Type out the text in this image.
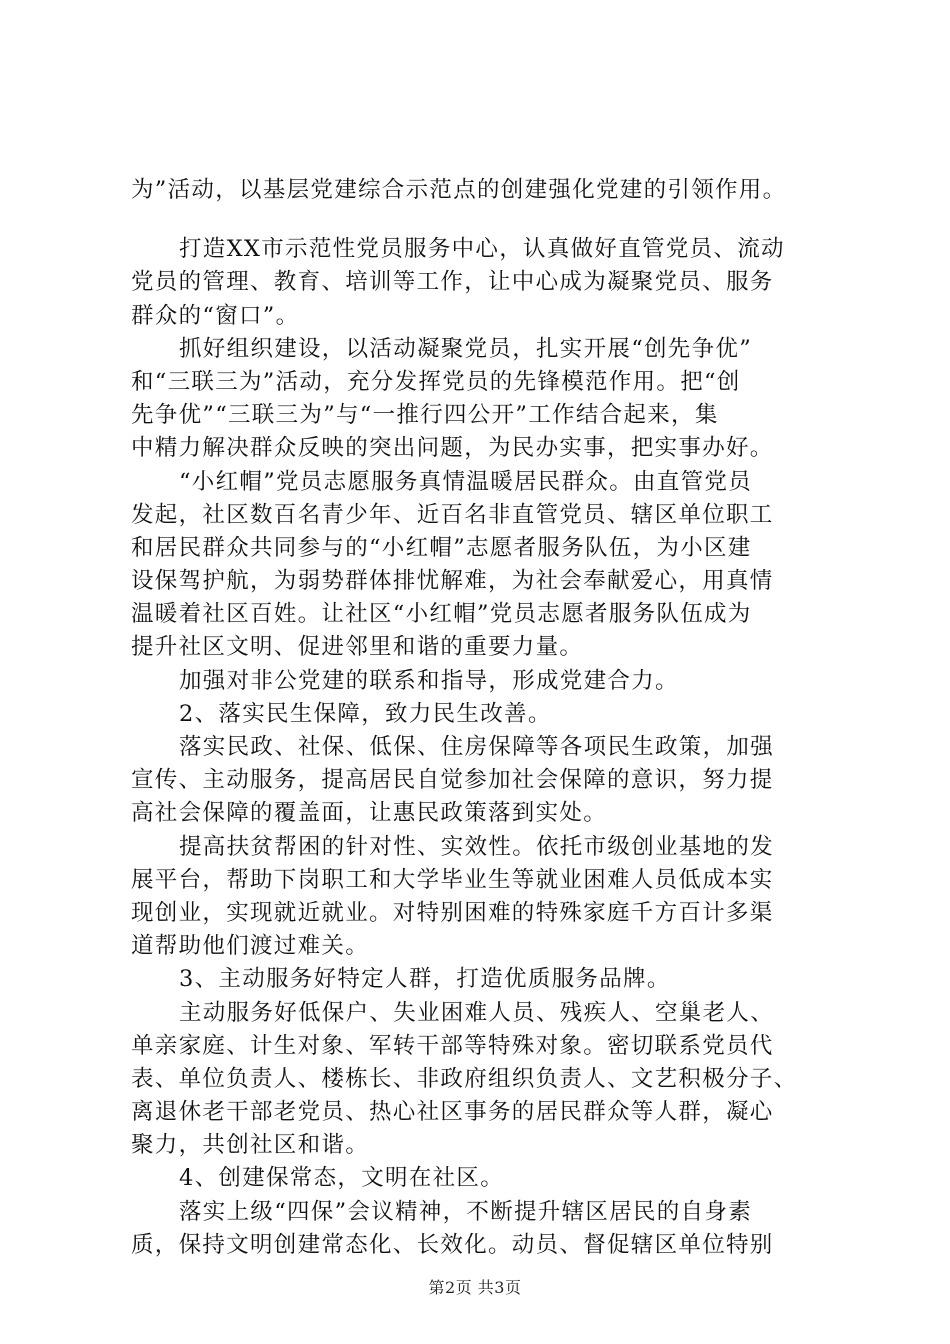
为”活动，以基层党建综合示范点的创建强化党建的引领作用。
打造XX市示范性党员服务中心，认真做好直管党员、流动
党员的管理、教育、培训等工作，让中心成为凝聚党员、服务
群众的“窗口”。
抓好组织建设，以活动凝聚党员，扎实开展“创先争优”
和“三联三为”活动，充分发挥党员的先锋模范作用。把“创
先争优”“三联三为”与“一推行四公开”工作结合起来，集
中精力解决群众反映的突出问题，为民办实事，把实事办好。
“小红帽”党员志愿服务真情温暖居民群众。由直管党员
发起，社区数百名青少年、近百名非直管党员、辖区单位职工
和居民群众共同参与的“小红帽”志愿者服务队伍，为小区建
设保驾护航，为弱势群体排忧解难，为社会奉献爱心，用真情
温暖着社区百姓。让社区“小红帽”党员志愿者服务队伍成为
提升社区文明、促进邻里和谐的重要力量。
加强对非公党建的联系和指导，形成党建合力。
2、落实民生保障，致力民生改善。
落实民政、社保、低保、住房保障等各项民生政策，加强
宣传、主动服务，提高居民自觉参加社会保障的意识，努力提
高社会保障的覆盖面，让惠民政策落到实处。
提高扶贫帮困的针对性、实效性。依托市级创业基地的发
展平台，帮助下岗职工和大学毕业生等就业困难人员低成本实
现创业，实现就近就业。对特别困难的特殊家庭千方百计多渠
道帮助他们渡过难关。
3、主动服务好特定人群，打造优质服务品牌。
主动服务好低保户、失业困难人员、残疾人、空巢老人、
单亲家庭、计生对象、军转干部等特殊对象。密切联系党员代
表、单位负责人、楼栋长、非政府组织负责人、文艺积极分子、
离退休老干部老党员、热心社区事务的居民群众等人群，凝心
聚力，共创社区和谐。
4、创建保常态，文明在社区。
落实上级“四保”会议精神，不断提升辖区居民的自身素
质，保持文明创建常态化、长效化。动员、督促辖区单位特别
第2页 共3页
